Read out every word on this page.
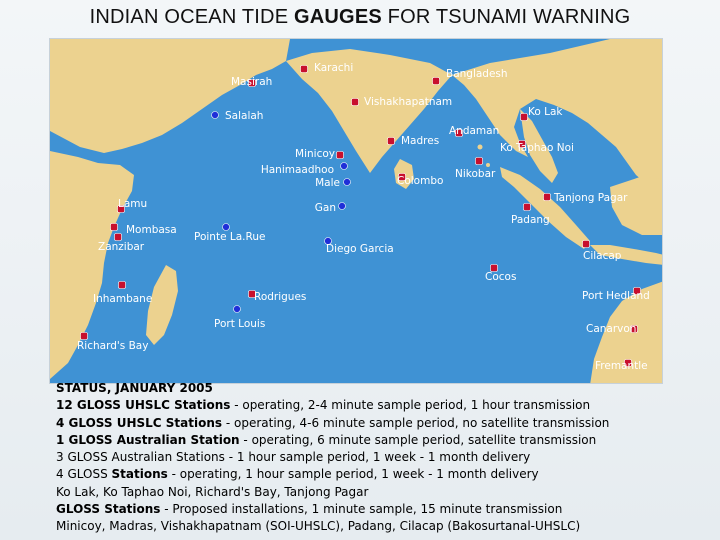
INDIAN OCEAN TIDE GAUGES FOR TSUNAMI WARNING
Karachi
Masirah
Bangladesh
Vishakhapatnam
Salalah	Ko Lak
Andaman
Madres
Ko Taphao Noi
Minicoy
Hanimaadhoo
Male	Colombo
Nikobar
Tanjong Pagar
Lamu	Gan
Padang
Mombasa
Pointe La.Rue
Zanzibar	Diego Garcia
Cilacap
Cocos
Port Hedland
Inhambane	Rodrigues
Port Louis	Canarvon
Richard's Bay
Fremantle
STATUS, JANUARY 2005
12 GLOSS UHSLC Stations - operating, 2-4 minute sample period, 1 hour transmission
4 GLOSS UHSLC Stations - operating, 4-6 minute sample period, no satellite transmission
1 GLOSS Australian Station - operating, 6 minute sample period, satellite transmission
3 GLOSS Australian Stations - 1 hour sample period, 1 week - 1 month delivery
4 GLOSS Stations - operating, 1 hour sample period, 1 week - 1 month delivery
Ko Lak, Ko Taphao Noi, Richard's Bay, Tanjong Pagar
GLOSS Stations - Proposed installations, 1 minute sample, 15 minute transmission
Minicoy, Madras, Vishakhapatnam (SOI-UHSLC), Padang, Cilacap (Bakosurtanal-UHSLC)
